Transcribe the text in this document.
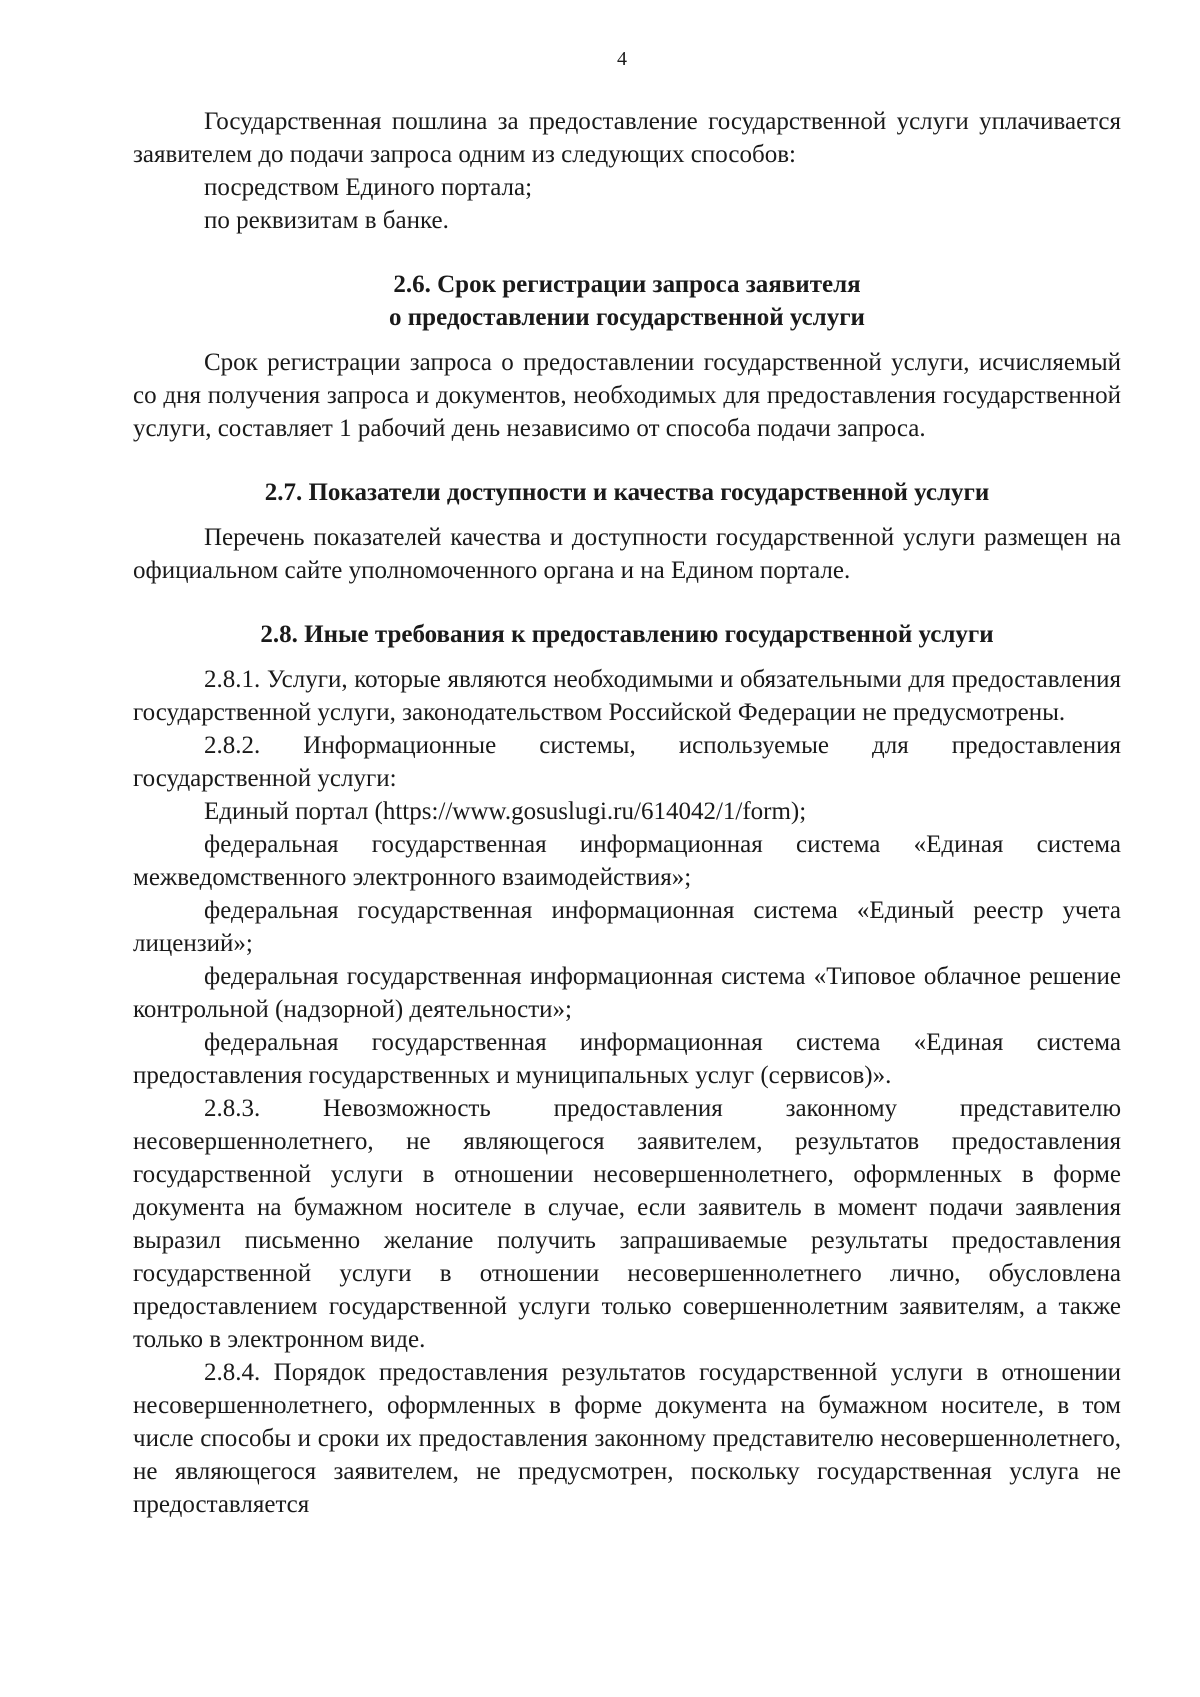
4

Государственная пошлина за предоставление государственной услуги уплачивается заявителем до подачи запроса одним из следующих способов:

посредством Единого портала;

по реквизитам в банке.

2.6. Срок регистрации запроса заявителя
о предоставлении государственной услуги

Срок регистрации запроса о предоставлении государственной услуги, исчисляемый со дня получения запроса и документов, необходимых для предоставления государственной услуги, составляет 1 рабочий день независимо от способа подачи запроса.

2.7. Показатели доступности и качества государственной услуги

Перечень показателей качества и доступности государственной услуги размещен на официальном сайте уполномоченного органа и на Едином портале.

2.8. Иные требования к предоставлению государственной услуги

2.8.1. Услуги, которые являются необходимыми и обязательными для предоставления государственной услуги, законодательством Российской Федерации не предусмотрены.

2.8.2. Информационные системы, используемые для предоставления государственной услуги:

Единый портал (https://www.gosuslugi.ru/614042/1/form);

федеральная государственная информационная система «Единая система межведомственного электронного взаимодействия»;

федеральная государственная информационная система «Единый реестр учета лицензий»;

федеральная государственная информационная система «Типовое облачное решение контрольной (надзорной) деятельности»;

федеральная государственная информационная система «Единая система предоставления государственных и муниципальных услуг (сервисов)».

2.8.3. Невозможность предоставления законному представителю несовершеннолетнего, не являющегося заявителем, результатов предоставления государственной услуги в отношении несовершеннолетнего, оформленных в форме документа на бумажном носителе в случае, если заявитель в момент подачи заявления выразил письменно желание получить запрашиваемые результаты предоставления государственной услуги в отношении несовершеннолетнего лично, обусловлена предоставлением государственной услуги только совершеннолетним заявителям, а также только в электронном виде.

2.8.4. Порядок предоставления результатов государственной услуги в отношении несовершеннолетнего, оформленных в форме документа на бумажном носителе, в том числе способы и сроки их предоставления законному представителю несовершеннолетнего, не являющегося заявителем, не предусмотрен, поскольку государственная услуга не предоставляется
